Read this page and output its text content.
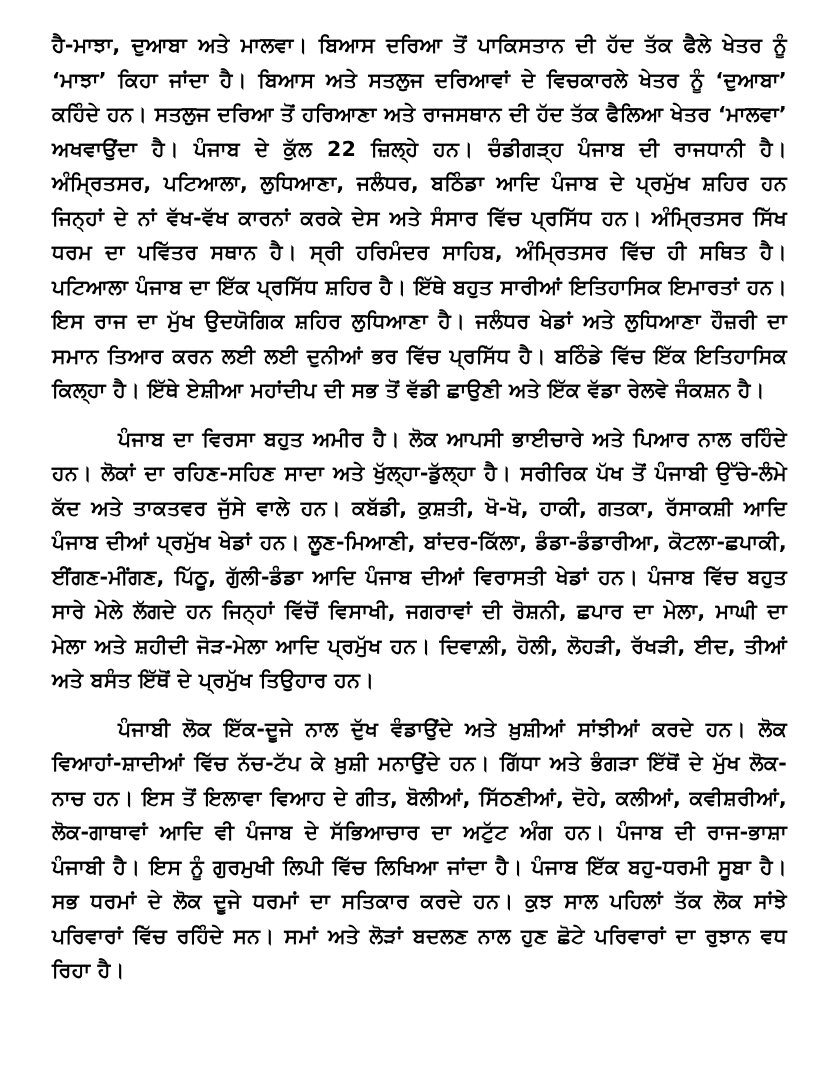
ਹੈ-ਮਾਝਾ, ਦੁਆਬਾ ਅਤੇ ਮਾਲਵਾ। ਬਿਆਸ ਦਰਿਆ ਤੋਂ ਪਾਕਿਸਤਾਨ ਦੀ ਹੱਦ ਤੱਕ ਫੈਲੇ ਖੇਤਰ ਨੂੰ ‘ਮਾਝਾ’ ਕਿਹਾ ਜਾਂਦਾ ਹੈ। ਬਿਆਸ ਅਤੇ ਸਤਲੁਜ ਦਰਿਆਵਾਂ ਦੇ ਵਿਚਕਾਰਲੇ ਖੇਤਰ ਨੂੰ ‘ਦੁਆਬਾ’ ਕਹਿੰਦੇ ਹਨ। ਸਤਲੁਜ ਦਰਿਆ ਤੋਂ ਹਰਿਆਣਾ ਅਤੇ ਰਾਜਸਥਾਨ ਦੀ ਹੱਦ ਤੱਕ ਫੈਲਿਆ ਖੇਤਰ ‘ਮਾਲਵਾ’ ਅਖਵਾਉਂਦਾ ਹੈ। ਪੰਜਾਬ ਦੇ ਕੁੱਲ 22 ਜ਼ਿਲ੍ਹੇ ਹਨ। ਚੰਡੀਗੜ੍ਹ ਪੰਜਾਬ ਦੀ ਰਾਜਧਾਨੀ ਹੈ। ਅੰਮ੍ਰਿਤਸਰ, ਪਟਿਆਲਾ, ਲੁਧਿਆਣਾ, ਜਲੰਧਰ, ਬਠਿੰਡਾ ਆਦਿ ਪੰਜਾਬ ਦੇ ਪ੍ਰਮੁੱਖ ਸ਼ਹਿਰ ਹਨ ਜਿਨ੍ਹਾਂ ਦੇ ਨਾਂ ਵੱਖ-ਵੱਖ ਕਾਰਨਾਂ ਕਰਕੇ ਦੇਸ ਅਤੇ ਸੰਸਾਰ ਵਿੱਚ ਪ੍ਰਸਿੱਧ ਹਨ। ਅੰਮ੍ਰਿਤਸਰ ਸਿੱਖ ਧਰਮ ਦਾ ਪਵਿੱਤਰ ਸਥਾਨ ਹੈ। ਸ੍ਰੀ ਹਰਿਮੰਦਰ ਸਾਹਿਬ, ਅੰਮ੍ਰਿਤਸਰ ਵਿੱਚ ਹੀ ਸਥਿਤ ਹੈ। ਪਟਿਆਲਾ ਪੰਜਾਬ ਦਾ ਇੱਕ ਪ੍ਰਸਿੱਧ ਸ਼ਹਿਰ ਹੈ। ਇੱਥੇ ਬਹੁਤ ਸਾਰੀਆਂ ਇਤਿਹਾਸਿਕ ਇਮਾਰਤਾਂ ਹਨ। ਇਸ ਰਾਜ ਦਾ ਮੁੱਖ ਉਦਯੋਗਿਕ ਸ਼ਹਿਰ ਲੁਧਿਆਣਾ ਹੈ। ਜਲੰਧਰ ਖੇਡਾਂ ਅਤੇ ਲੁਧਿਆਣਾ ਹੌਜ਼ਰੀ ਦਾ ਸਮਾਨ ਤਿਆਰ ਕਰਨ ਲਈ ਲਈ ਦੁਨੀਆਂ ਭਰ ਵਿੱਚ ਪ੍ਰਸਿੱਧ ਹੈ। ਬਠਿੰਡੇ ਵਿੱਚ ਇੱਕ ਇਤਿਹਾਸਿਕ ਕਿਲ੍ਹਾ ਹੈ। ਇੱਥੇ ਏਸ਼ੀਆ ਮਹਾਂਦੀਪ ਦੀ ਸਭ ਤੋਂ ਵੱਡੀ ਛਾਉਣੀ ਅਤੇ ਇੱਕ ਵੱਡਾ ਰੇਲਵੇ ਜੰਕਸ਼ਨ ਹੈ।

ਪੰਜਾਬ ਦਾ ਵਿਰਸਾ ਬਹੁਤ ਅਮੀਰ ਹੈ। ਲੋਕ ਆਪਸੀ ਭਾਈਚਾਰੇ ਅਤੇ ਪਿਆਰ ਨਾਲ ਰਹਿੰਦੇ ਹਨ। ਲੋਕਾਂ ਦਾ ਰਹਿਣ-ਸਹਿਣ ਸਾਦਾ ਅਤੇ ਖੁੱਲ੍ਹਾ-ਡੁੱਲ੍ਹਾ ਹੈ। ਸਰੀਰਿਕ ਪੱਖ ਤੋਂ ਪੰਜਾਬੀ ਉੱਚੇ-ਲੰਮੇ ਕੱਦ ਅਤੇ ਤਾਕਤਵਰ ਜੁੱਸੇ ਵਾਲੇ ਹਨ। ਕਬੱਡੀ, ਕੁਸ਼ਤੀ, ਖੋ-ਖੋ, ਹਾਕੀ, ਗਤਕਾ, ਰੱਸਾਕਸ਼ੀ ਆਦਿ ਪੰਜਾਬ ਦੀਆਂ ਪ੍ਰਮੁੱਖ ਖੇਡਾਂ ਹਨ। ਲੂਣ-ਮਿਆਣੀ, ਬਾਂਦਰ-ਕਿੱਲਾ, ਡੰਡਾ-ਡੰਡਾਰੀਆ, ਕੋਟਲਾ-ਛਪਾਕੀ, ਈਂਗਣ-ਮੀਂਗਣ, ਪਿੱਠੂ, ਗੁੱਲੀ-ਡੰਡਾ ਆਦਿ ਪੰਜਾਬ ਦੀਆਂ ਵਿਰਾਸਤੀ ਖੇਡਾਂ ਹਨ। ਪੰਜਾਬ ਵਿੱਚ ਬਹੁਤ ਸਾਰੇ ਮੇਲੇ ਲੱਗਦੇ ਹਨ ਜਿਨ੍ਹਾਂ ਵਿੱਚੋਂ ਵਿਸਾਖੀ, ਜਗਰਾਵਾਂ ਦੀ ਰੋਸ਼ਨੀ, ਛਪਾਰ ਦਾ ਮੇਲਾ, ਮਾਘੀ ਦਾ ਮੇਲਾ ਅਤੇ ਸ਼ਹੀਦੀ ਜੋੜ-ਮੇਲਾ ਆਦਿ ਪ੍ਰਮੁੱਖ ਹਨ। ਦਿਵਾਲ਼ੀ, ਹੋਲੀ, ਲੋਹੜੀ, ਰੱਖੜੀ, ਈਦ, ਤੀਆਂ ਅਤੇ ਬਸੰਤ ਇੱਥੋਂ ਦੇ ਪ੍ਰਮੁੱਖ ਤਿਉਹਾਰ ਹਨ।

ਪੰਜਾਬੀ ਲੋਕ ਇੱਕ-ਦੂਜੇ ਨਾਲ ਦੁੱਖ ਵੰਡਾਉਂਦੇ ਅਤੇ ਖ਼ੁਸ਼ੀਆਂ ਸਾਂਝੀਆਂ ਕਰਦੇ ਹਨ। ਲੋਕ ਵਿਆਹਾਂ-ਸ਼ਾਦੀਆਂ ਵਿੱਚ ਨੱਚ-ਟੱਪ ਕੇ ਖ਼ੁਸ਼ੀ ਮਨਾਉਂਦੇ ਹਨ। ਗਿੱਧਾ ਅਤੇ ਭੰਗੜਾ ਇੱਥੋਂ ਦੇ ਮੁੱਖ ਲੋਕ-ਨਾਚ ਹਨ। ਇਸ ਤੋਂ ਇਲਾਵਾ ਵਿਆਹ ਦੇ ਗੀਤ, ਬੋਲੀਆਂ, ਸਿੱਠਣੀਆਂ, ਦੋਹੇ, ਕਲੀਆਂ, ਕਵੀਸ਼ਰੀਆਂ, ਲੋਕ-ਗਾਥਾਵਾਂ ਆਦਿ ਵੀ ਪੰਜਾਬ ਦੇ ਸੱਭਿਆਚਾਰ ਦਾ ਅਟੁੱਟ ਅੰਗ ਹਨ। ਪੰਜਾਬ ਦੀ ਰਾਜ-ਭਾਸ਼ਾ ਪੰਜਾਬੀ ਹੈ। ਇਸ ਨੂੰ ਗੁਰਮੁਖੀ ਲਿਪੀ ਵਿੱਚ ਲਿਖਿਆ ਜਾਂਦਾ ਹੈ। ਪੰਜਾਬ ਇੱਕ ਬਹੁ-ਧਰਮੀ ਸੂਬਾ ਹੈ। ਸਭ ਧਰਮਾਂ ਦੇ ਲੋਕ ਦੂਜੇ ਧਰਮਾਂ ਦਾ ਸਤਿਕਾਰ ਕਰਦੇ ਹਨ। ਕੁਝ ਸਾਲ ਪਹਿਲਾਂ ਤੱਕ ਲੋਕ ਸਾਂਝੇ ਪਰਿਵਾਰਾਂ ਵਿੱਚ ਰਹਿੰਦੇ ਸਨ। ਸਮਾਂ ਅਤੇ ਲੋੜਾਂ ਬਦਲਣ ਨਾਲ ਹੁਣ ਛੋਟੇ ਪਰਿਵਾਰਾਂ ਦਾ ਰੁਝਾਨ ਵਧ ਰਿਹਾ ਹੈ।
